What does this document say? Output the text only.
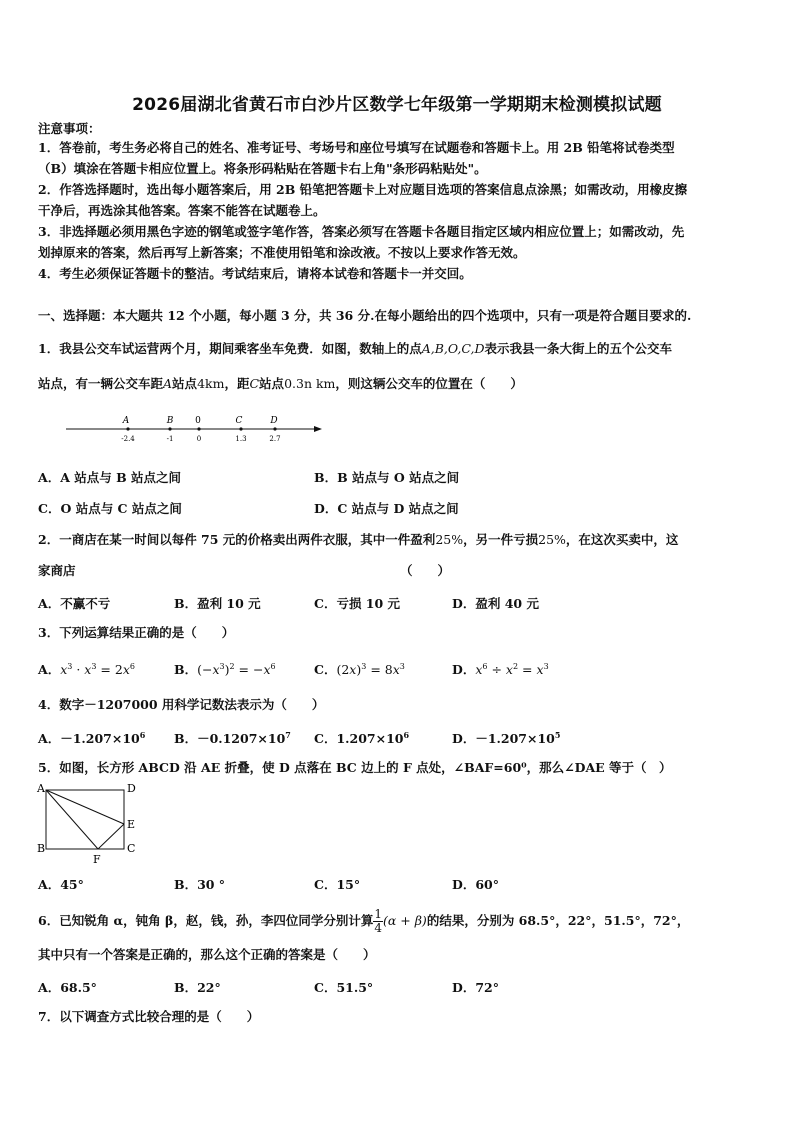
2026届湖北省黄石市白沙片区数学七年级第一学期期末检测模拟试题
注意事项：
1．答卷前，考生务必将自己的姓名、准考证号、考场号和座位号填写在试题卷和答题卡上。用 2B 铅笔将试卷类型
（B）填涂在答题卡相应位置上。将条形码粘贴在答题卡右上角"条形码粘贴处"。
2．作答选择题时，选出每小题答案后，用 2B 铅笔把答题卡上对应题目选项的答案信息点涂黑；如需改动，用橡皮擦
干净后，再选涂其他答案。答案不能答在试题卷上。
3．非选择题必须用黑色字迹的钢笔或签字笔作答，答案必须写在答题卡各题目指定区域内相应位置上；如需改动，先
划掉原来的答案，然后再写上新答案；不准使用铅笔和涂改液。不按以上要求作答无效。
4．考生必须保证答题卡的整洁。考试结束后，请将本试卷和答题卡一并交回。
一、选择题：本大题共 12 个小题，每小题 3 分，共 36 分.在每小题给出的四个选项中，只有一项是符合题目要求的.
1．我县公交车试运营两个月，期间乘客坐车免费．如图，数轴上的点A,B,O,C,D表示我县一条大街上的五个公交车
站点，有一辆公交车距A站点4km，距C站点0.3n km，则这辆公交车的位置在（　　）
A	B 0	C	D
-2.4	-1	0	1.3	2.7
A．A 站点与 B 站点之间	B．B 站点与 O 站点之间
C．O 站点与 C 站点之间	D．C 站点与 D 站点之间
2．一商店在某一时间以每件 75 元的价格卖出两件衣服，其中一件盈利25%，另一件亏损25%，在这次买卖中，这
家商店	（　　）
A．不赢不亏	B．盈利 10 元	C．亏损 10 元	D．盈利 40 元
3．下列运算结果正确的是（　　）
A．$x^3 \cdot x^3 = 2x^6$	B．$(-x^3)^2 = -x^6$	C．$(2x)^3 = 8x^3$	D．$x^6 \div x^2 = x^3$
4．数字－1207000 用科学记数法表示为（　　）
A．$-1.207\times 10^6$ B．$-0.1207\times 10^7$ C．$1.207\times 10^6$	D．$-1.207\times 10^5$
5．如图，长方形 ABCD 沿 AE 折叠，使 D 点落在 BC 边上的 F 点处，∠BAF=60⁰，那么∠DAE 等于（　）
A	D
E
B
F
C
A．45°	B．30 °	C．15°	D．60°
6．已知锐角 α，钝角 β，赵，钱，孙，李四位同学分别计算 $\frac{1}{4} (\alpha + \beta)$的结果，分别为 68.5°，22°，51.5°，72°，
其中只有一个答案是正确的，那么这个正确的答案是（　　）
A．68.5°	B．22°	C．51.5°	D．72°
7．以下调查方式比较合理的是（　　）
